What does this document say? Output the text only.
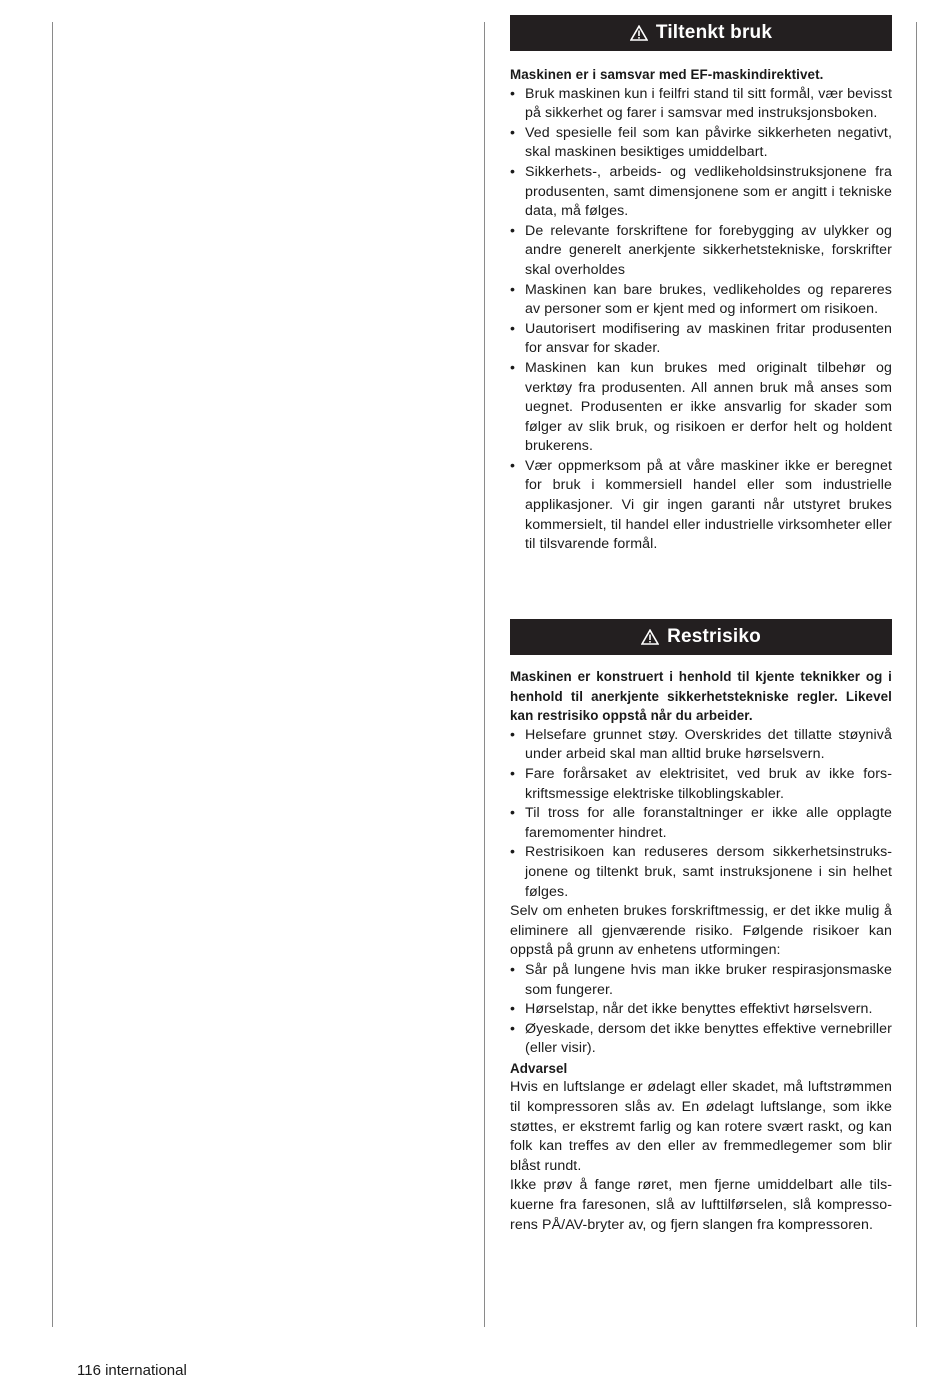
Tiltenkt bruk
Maskinen er i samsvar med EF-maskindirektivet.
• Bruk maskinen kun i feilfri stand til sitt formål, vær bevisst på sikkerhet og farer i samsvar med instruksjonsboken.
• Ved spesielle feil som kan påvirke sikkerheten negativt, skal maskinen besiktiges umiddelbart.
• Sikkerhets-, arbeids- og vedlikeholdsinstruksjonene fra produsenten, samt dimensjonene som er angitt i tekniske data, må følges.
• De relevante forskriftene for forebygging av ulykker og andre generelt anerkjente sikkerhetstekniske, forskrifter skal overholdes
• Maskinen kan bare brukes, vedlikeholdes og repareres av personer som er kjent med og informert om risikoen.
• Uautorisert modifisering av maskinen fritar produsenten for ansvar for skader.
• Maskinen kan kun brukes med originalt tilbehør og verktøy fra produsenten. All annen bruk må anses som uegnet. Produsenten er ikke ansvarlig for skader som følger av slik bruk, og risikoen er derfor helt og holdent brukerens.
• Vær oppmerksom på at våre maskiner ikke er beregnet for bruk i kommersiell handel eller som industrielle applikasjoner. Vi gir ingen garanti når utstyret brukes kommersielt, til handel eller industrielle virksomheter eller til tilsvarende formål.
Restrisiko
Maskinen er konstruert i henhold til kjente teknikker og i henhold til anerkjente sikkerhetstekniske regler. Likevel kan restrisiko oppstå når du arbeider.
• Helsefare grunnet støy. Overskrides det tillatte støynivå under arbeid skal man alltid bruke hørselsvern.
• Fare forårsaket av elektrisitet, ved bruk av ikke forskriftsmessige elektriske tilkoblingskabler.
• Til tross for alle foranstaltninger er ikke alle opplagte faremomenter hindret.
• Restrisikoen kan reduseres dersom sikkerhetsinstruksjonene og tiltenkt bruk, samt instruksjonene i sin helhet følges.

Selv om enheten brukes forskriftmessig, er det ikke mulig å eliminere all gjenværende risiko. Følgende risikoer kan oppstå på grunn av enhetens utformingen:

• Sår på lungene hvis man ikke bruker respirasjonsmaske som fungerer.
• Hørselstap, når det ikke benyttes effektivt hørselsvern.
• Øyeskade, dersom det ikke benyttes effektive vernebriller (eller visir).
Advarsel

Hvis en luftslange er ødelagt eller skadet, må luftstrømmen til kompressoren slås av. En ødelagt luftslange, som ikke støttes, er ekstremt farlig og kan rotere svært raskt, og kan folk kan treffes av den eller av fremmedlegemer som blir blåst rundt.

Ikke prøv å fange røret, men fjerne umiddelbart alle tilskuerne fra faresonen, slå av lufttilførselen, slå kompressorens PÅ/AV-bryter av, og fjern slangen fra kompressoren.

116 international
